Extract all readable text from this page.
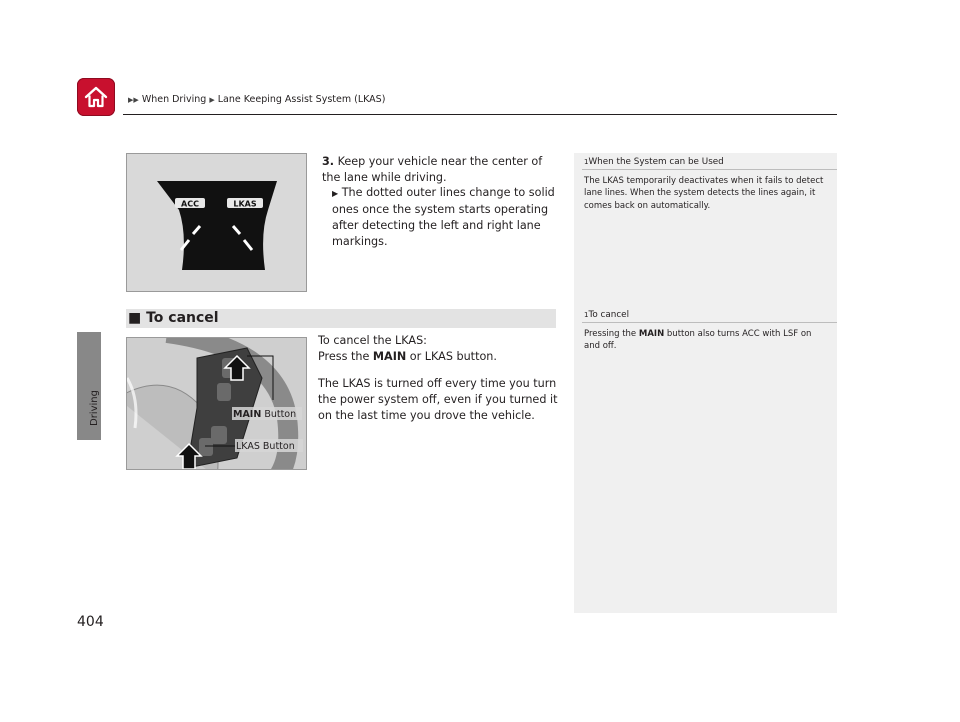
▶▶ When Driving ▶ Lane Keeping Assist System (LKAS)
Driving
ACC	LKAS
3. Keep your vehicle near the center of the lane while driving.
▶ The dotted outer lines change to solid ones once the system starts operating after detecting the left and right lane markings.
■ To cancel
MAIN Button
LKAS Button
To cancel the LKAS:
Press the MAIN or LKAS button.
The LKAS is turned off every time you turn the power system off, even if you turned it on the last time you drove the vehicle.
1When the System can be Used
The LKAS temporarily deactivates when it fails to detect lane lines. When the system detects the lines again, it comes back on automatically.
1To cancel
Pressing the MAIN button also turns ACC with LSF on and off.
404
